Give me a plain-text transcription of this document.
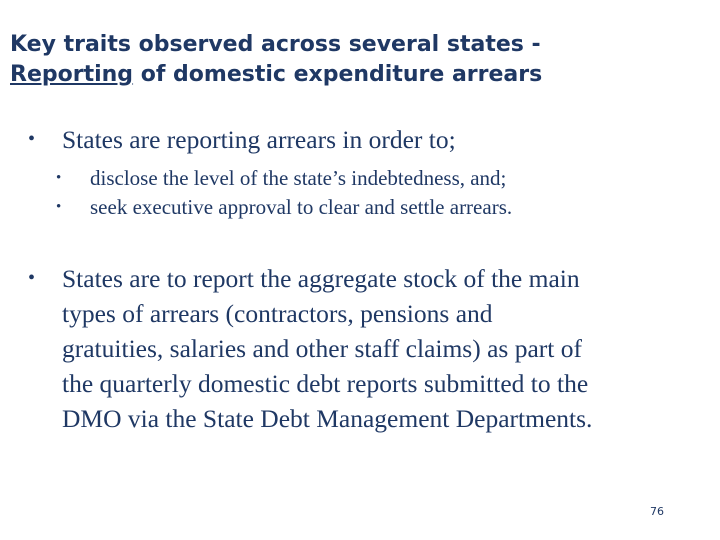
Key traits observed across several states -
Reporting of domestic expenditure arrears
• States are reporting arrears in order to;
• disclose the level of the state’s indebtedness, and;
• seek executive approval to clear and settle arrears.
• States are to report the aggregate stock of the main
types of arrears (contractors, pensions and
gratuities, salaries and other staff claims) as part of
the quarterly domestic debt reports submitted to the
DMO via the State Debt Management Departments.
76
